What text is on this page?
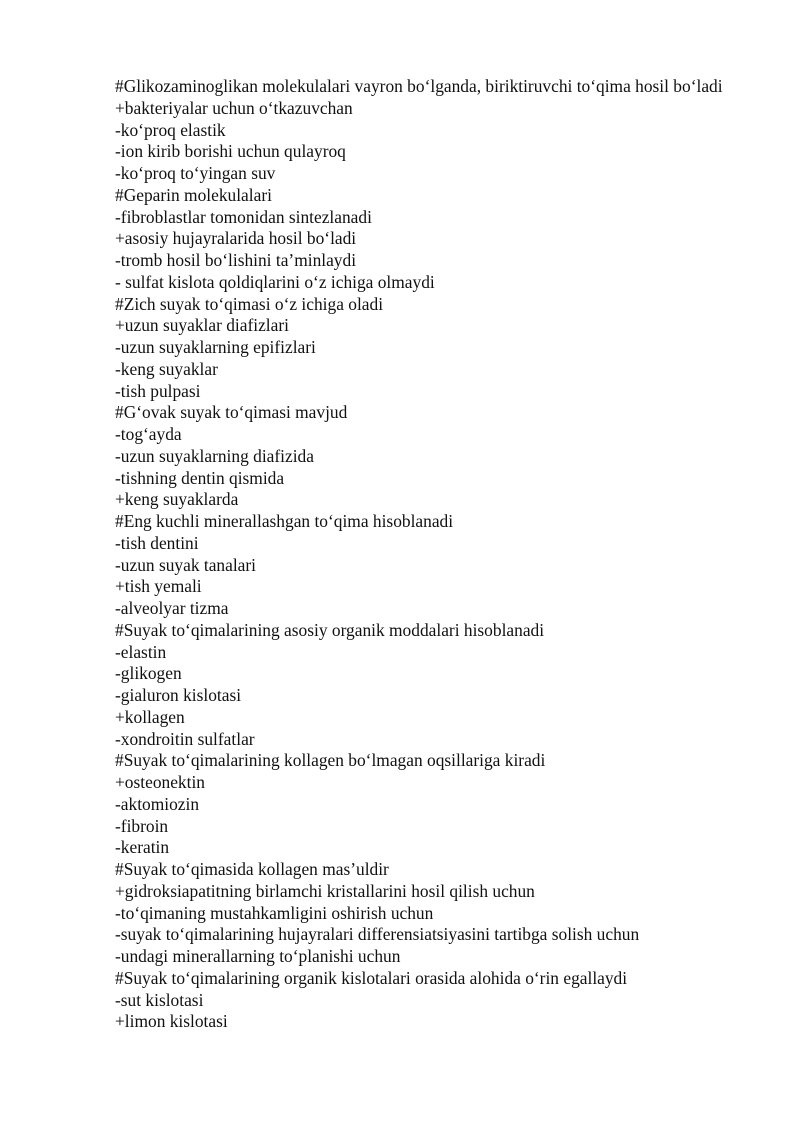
#Glikozaminoglikan molekulalari vayron bo‘lganda, biriktiruvchi to‘qima hosil bo‘ladi
+bakteriyalar uchun o‘tkazuvchan
-ko‘proq elastik
-ion kirib borishi uchun qulayroq
-ko‘proq to‘yingan suv
#Geparin molekulalari
-fibroblastlar tomonidan sintezlanadi
+asosiy hujayralarida hosil bo‘ladi
-tromb hosil bo‘lishini ta’minlaydi
- sulfat kislota qoldiqlarini o‘z ichiga olmaydi
#Zich suyak to‘qimasi o‘z ichiga oladi
+uzun suyaklar diafizlari
-uzun suyaklarning epifizlari
-keng suyaklar
-tish pulpasi
#G‘ovak suyak to‘qimasi mavjud
-tog‘ayda
-uzun suyaklarning diafizida
-tishning dentin qismida
+keng suyaklarda
#Eng kuchli minerallashgan to‘qima hisoblanadi
-tish dentini
-uzun suyak tanalari
+tish yemali
-alveolyar tizma
#Suyak to‘qimalarining asosiy organik moddalari hisoblanadi
-elastin
-glikogen
-gialuron kislotasi
+kollagen
-xondroitin sulfatlar
#Suyak to‘qimalarining kollagen bo‘lmagan oqsillariga kiradi
+osteonektin
-aktomiozin
-fibroin
-keratin
#Suyak to‘qimasida kollagen mas’uldir
+gidroksiapatitning birlamchi kristallarini hosil qilish uchun
-to‘qimaning mustahkamligini oshirish uchun
-suyak to‘qimalarining hujayralari differensiatsiyasini tartibga solish uchun
-undagi minerallarning to‘planishi uchun
#Suyak to‘qimalarining organik kislotalari orasida alohida o‘rin egallaydi
-sut kislotasi
+limon kislotasi
